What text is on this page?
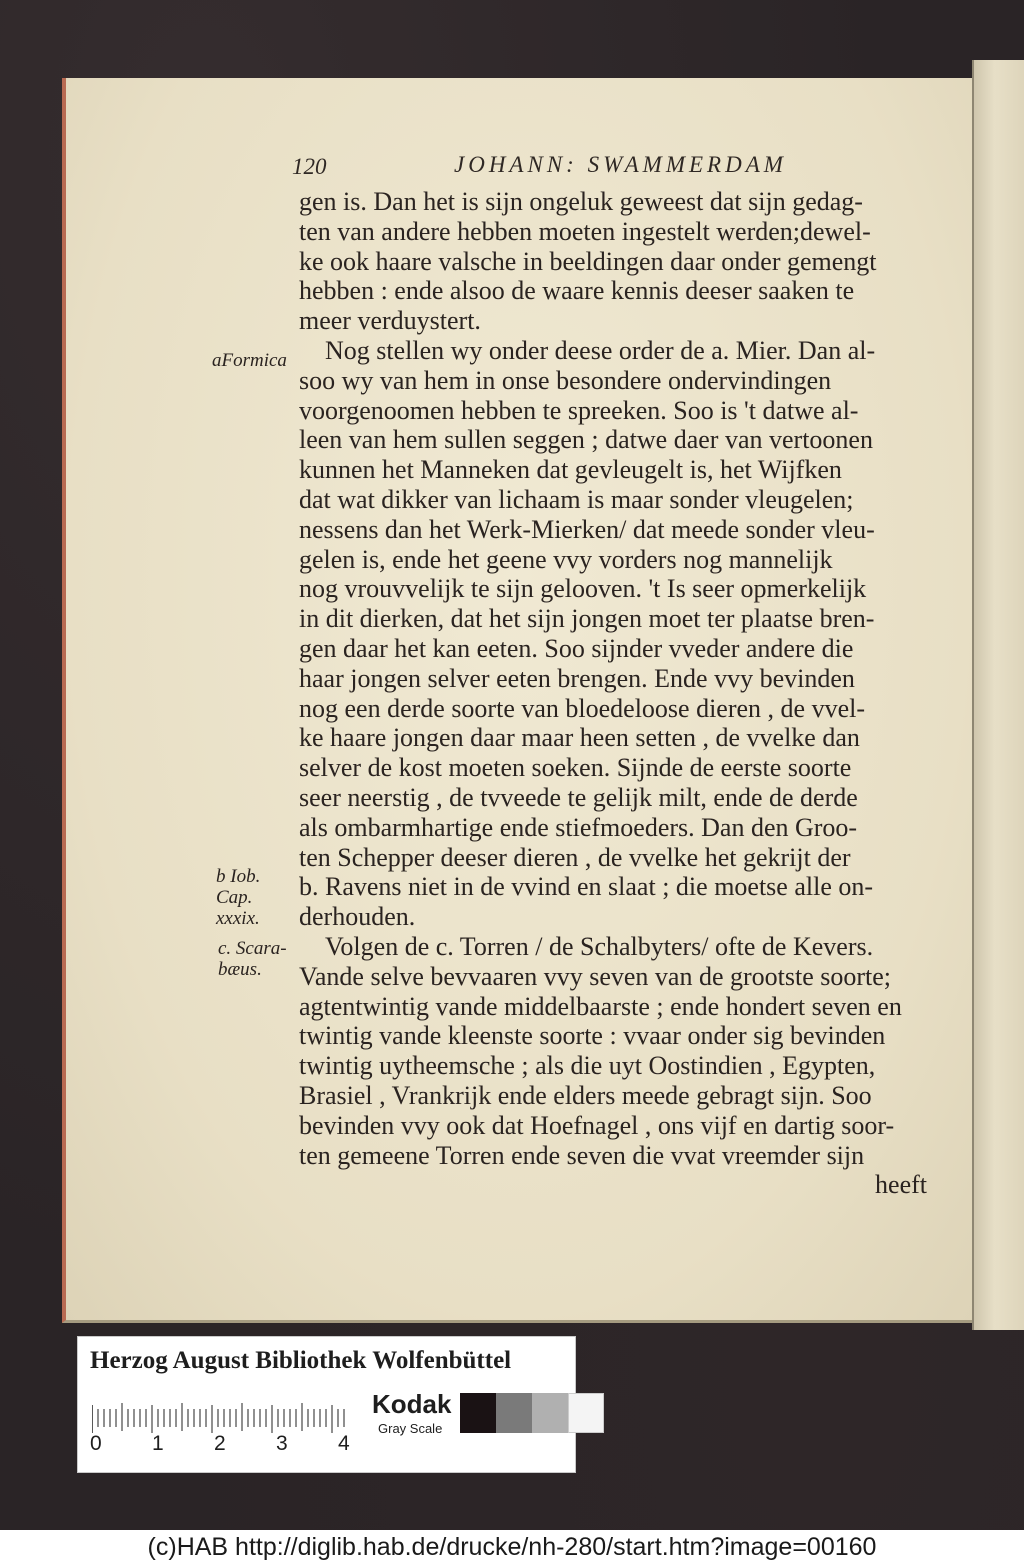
120	JOHANN: SWAMMERDAM
aFormica
b Iob.
Cap.
xxxix.
c. Scara-
bæus.
gen is. Dan het is sijn ongeluk geweest dat sijn gedag-
ten van andere hebben moeten ingestelt werden;dewel-
ke ook haare valsche in beeldingen daar onder gemengt
hebben : ende alsoo de waare kennis deeser saaken te
meer verduystert.
Nog stellen wy onder deese order de a. Mier. Dan al-
soo wy van hem in onse besondere ondervindingen
voorgenoomen hebben te spreeken. Soo is 't datwe al-
leen van hem sullen seggen ; datwe daer van vertoonen
kunnen het Manneken dat gevleugelt is, het Wijfken
dat wat dikker van lichaam is maar sonder vleugelen;
nessens dan het Werk-Mierken/ dat meede sonder vleu-
gelen is, ende het geene vvy vorders nog mannelijk
nog vrouvvelijk te sijn gelooven. 't Is seer opmerkelijk
in dit dierken, dat het sijn jongen moet ter plaatse bren-
gen daar het kan eeten. Soo sijnder vveder andere die
haar jongen selver eeten brengen. Ende vvy bevinden
nog een derde soorte van bloedeloose dieren , de vvel-
ke haare jongen daar maar heen setten , de vvelke dan
selver de kost moeten soeken. Sijnde de eerste soorte
seer neerstig , de tvveede te gelijk milt, ende de derde
als ombarmhartige ende stiefmoeders. Dan den Groo-
ten Schepper deeser dieren , de vvelke het gekrijt der
b. Ravens niet in de vvind en slaat ; die moetse alle on-
derhouden.
Volgen de c. Torren / de Schalbyters/ ofte de Kevers.
Vande selve bevvaaren vvy seven van de grootste soorte;
agtentwintig vande middelbaarste ; ende hondert seven en
twintig vande kleenste soorte : vvaar onder sig bevinden
twintig uytheemsche ; als die uyt Oostindien , Egypten,
Brasiel , Vrankrijk ende elders meede gebragt sijn. Soo
bevinden vvy ook dat Hoefnagel , ons vijf en dartig soor-
ten gemeene Torren ende seven die vvat vreemder sijn
heeft
Herzog August Bibliothek Wolfenbüttel
0 1 2 3 4
Kodak
Gray Scale
(c)HAB http://diglib.hab.de/drucke/nh-280/start.htm?image=00160
